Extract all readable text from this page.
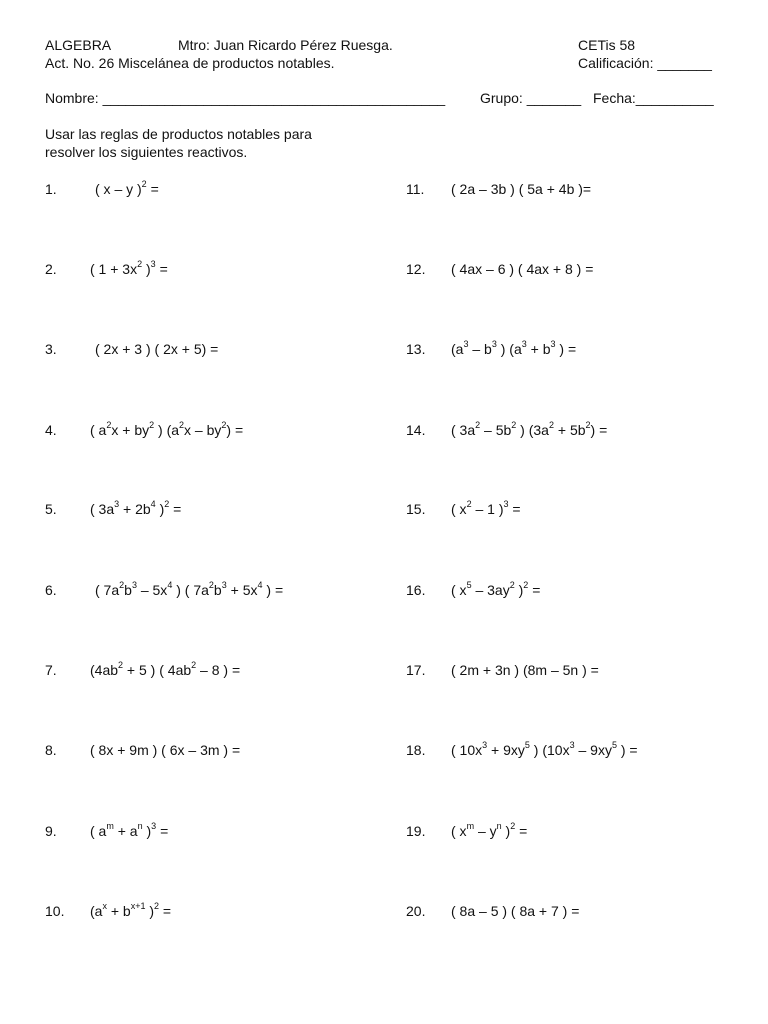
ALGEBRA	Mtro: Juan Ricardo Pérez Ruesga.	CETis 58
Act. No. 26 Miscelánea de productos notables.	Calificación: _______
Nombre: ____________________________________________ Grupo: _______ Fecha:__________
Usar las reglas de productos notables para
resolver los siguientes reactivos.
1.	( x – y )$^2$ =
2. ( $1 + 3x^2$ )$^3$ =
3.	( 2x + 3 ) ( 2x + 5) =
4. ( $a^2x + by^2$ ) $(a^2x - by^2)$ =
5. ( $3a^3 + 2b^4$ )$^2$ =
6.	( $7a^2b^3 - 5x^4$ ) ( $7a^2b^3 + 5x^4$ ) =
7. ($4ab^2 + 5$ ) ( $4ab^2 - 8$ ) =
8. ( 8x + 9m ) ( 6x – 3m ) =
9. ( $a^m + a^n$ )$^3$ =
10. ($a^x + b^{x+1}$ )$^2$ =
11. ( 2a – 3b ) ( 5a + 4b )=
12. ( 4ax – 6 ) ( 4ax + 8 ) =
13. ($a^3 - b^3$ ) ($a^3 + b^3$ ) =
14. ( $3a^2 - 5b^2$ ) $(3a^2 + 5b^2)$ =
15. ( $x^2 - 1$ )$^3$ =
16. ( $x^5 - 3ay^2$ )$^2$ =
17. ( 2m + 3n ) (8m – 5n ) =
18. ( $10x^3 + 9xy^5$ ) ($10x^3 - 9xy^5$ ) =
19. ( $x^m - y^n$ )$^2$ =
20. ( 8a – 5 ) ( 8a + 7 ) =
